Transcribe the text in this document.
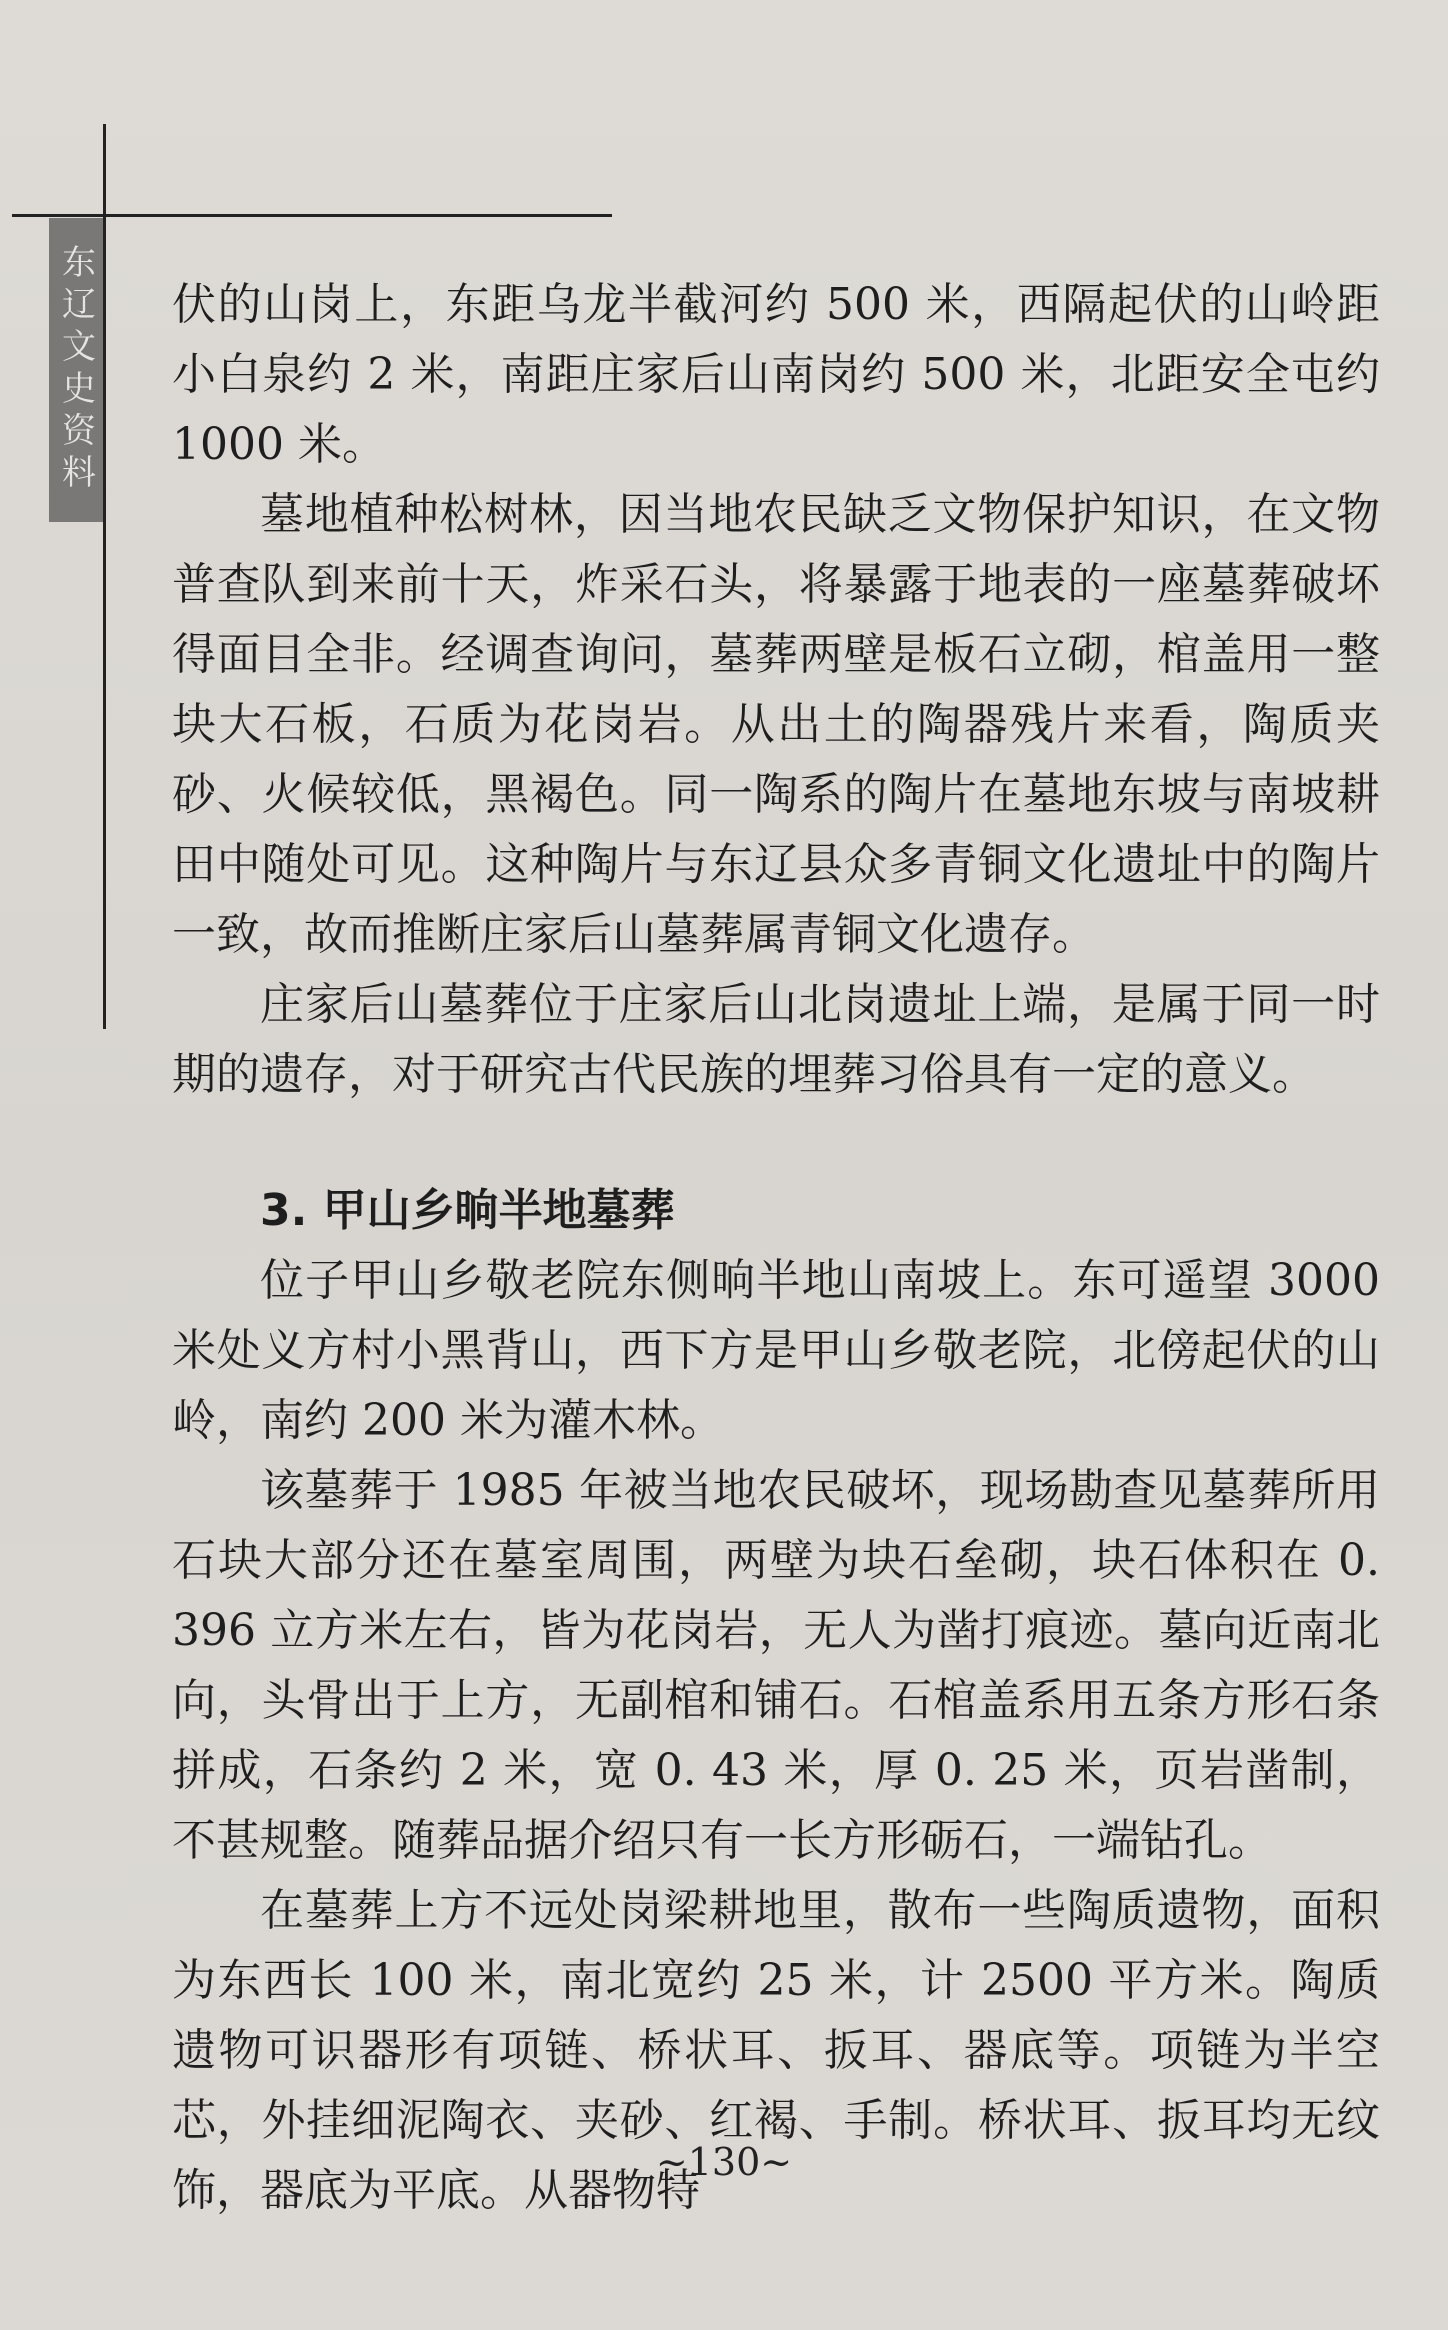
东辽文史资料 伏的山岗上，东距乌龙半截河约 500 米，西隔起伏的山岭距小白泉约 2 米，南距庄家后山南岗约 500 米，北距安全屯约 1000 米。

墓地植种松树林，因当地农民缺乏文物保护知识，在文物普查队到来前十天，炸采石头，将暴露于地表的一座墓葬破坏得面目全非。经调查询问，墓葬两壁是板石立砌，棺盖用一整块大石板，石质为花岗岩。从出土的陶器残片来看，陶质夹砂、火候较低，黑褐色。同一陶系的陶片在墓地东坡与南坡耕田中随处可见。这种陶片与东辽县众多青铜文化遗址中的陶片一致，故而推断庄家后山墓葬属青铜文化遗存。

庄家后山墓葬位于庄家后山北岗遗址上端，是属于同一时期的遗存，对于研究古代民族的埋葬习俗具有一定的意义。

3. 甲山乡晌半地墓葬

位子甲山乡敬老院东侧晌半地山南坡上。东可遥望 3000 米处义方村小黑背山，西下方是甲山乡敬老院，北傍起伏的山岭，南约 200 米为灌木林。

该墓葬于 1985 年被当地农民破坏，现场勘查见墓葬所用石块大部分还在墓室周围，两壁为块石垒砌，块石体积在 0. 396 立方米左右，皆为花岗岩，无人为凿打痕迹。墓向近南北向，头骨出于上方，无副棺和铺石。石棺盖系用五条方形石条拼成，石条约 2 米，宽 0. 43 米，厚 0. 25 米，页岩凿制，不甚规整。随葬品据介绍只有一长方形砺石，一端钻孔。

在墓葬上方不远处岗梁耕地里，散布一些陶质遗物，面积为东西长 100 米，南北宽约 25 米，计 2500 平方米。陶质遗物可识器形有项链、桥状耳、扳耳、器底等。项链为半空芯，外挂细泥陶衣、夹砂、红褐、手制。桥状耳、扳耳均无纹饰，器底为平底。从器物特

~130~
